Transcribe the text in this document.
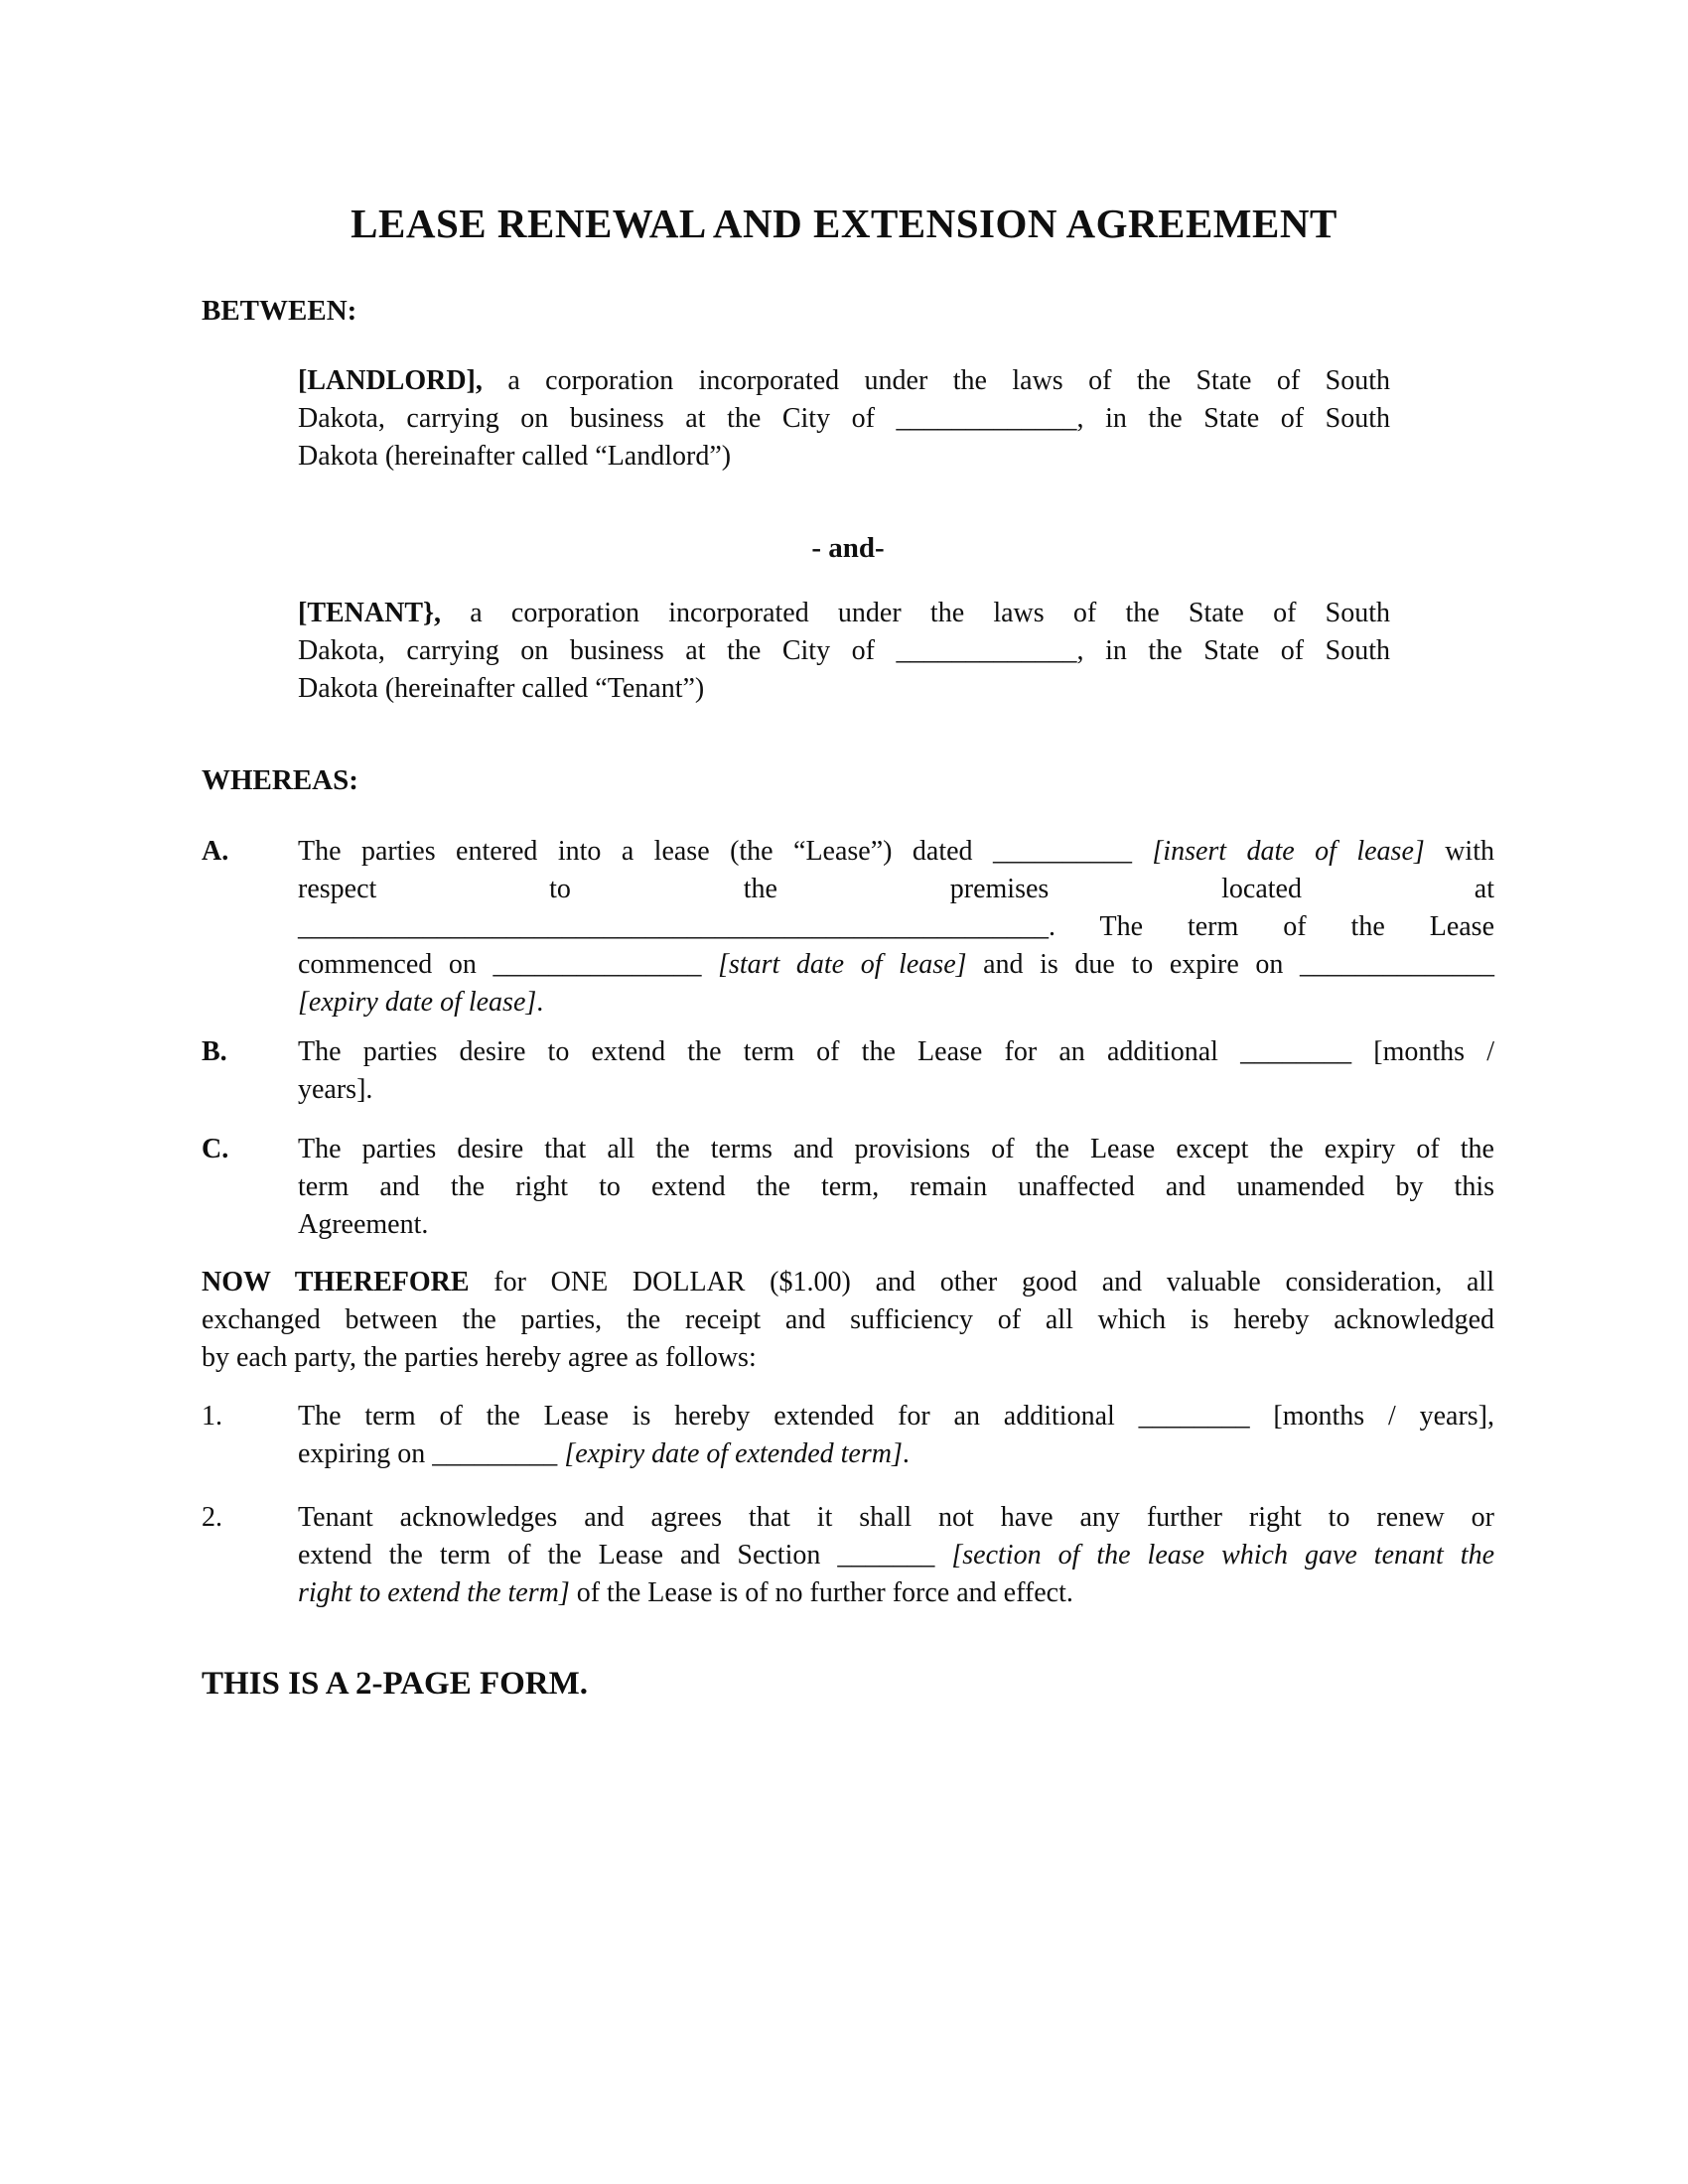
LEASE RENEWAL AND EXTENSION AGREEMENT
BETWEEN:
[LANDLORD], a corporation incorporated under the laws of the State of South
Dakota, carrying on business at the City of _____________, in the State of South
Dakota (hereinafter called “Landlord”)
- and-
[TENANT}, a corporation incorporated under the laws of the State of South
Dakota, carrying on business at the City of _____________, in the State of South
Dakota (hereinafter called “Tenant”)
WHEREAS:
A. The parties entered into a lease (the “Lease”) dated __________ [insert date of lease] with
respect to the premises located at
______________________________________________________. The term of the Lease
commenced on _______________ [start date of lease] and is due to expire on ______________
[expiry date of lease].
B.	The parties desire to extend the term of the Lease for an additional ________ [months /
years].
C. The parties desire that all the terms and provisions of the Lease except the expiry of the
term and the right to extend the term, remain unaffected and unamended by this
Agreement.
NOW THEREFORE for ONE DOLLAR ($1.00) and other good and valuable consideration, all
exchanged between the parties, the receipt and sufficiency of all which is hereby acknowledged
by each party, the parties hereby agree as follows:
1.	The term of the Lease is hereby extended for an additional ________ [months / years],
expiring on _________ [expiry date of extended term].
2.	Tenant acknowledges and agrees that it shall not have any further right to renew or
extend the term of the Lease and Section _______ [section of the lease which gave tenant the
right to extend the term] of the Lease is of no further force and effect.
THIS IS A 2-PAGE FORM.
